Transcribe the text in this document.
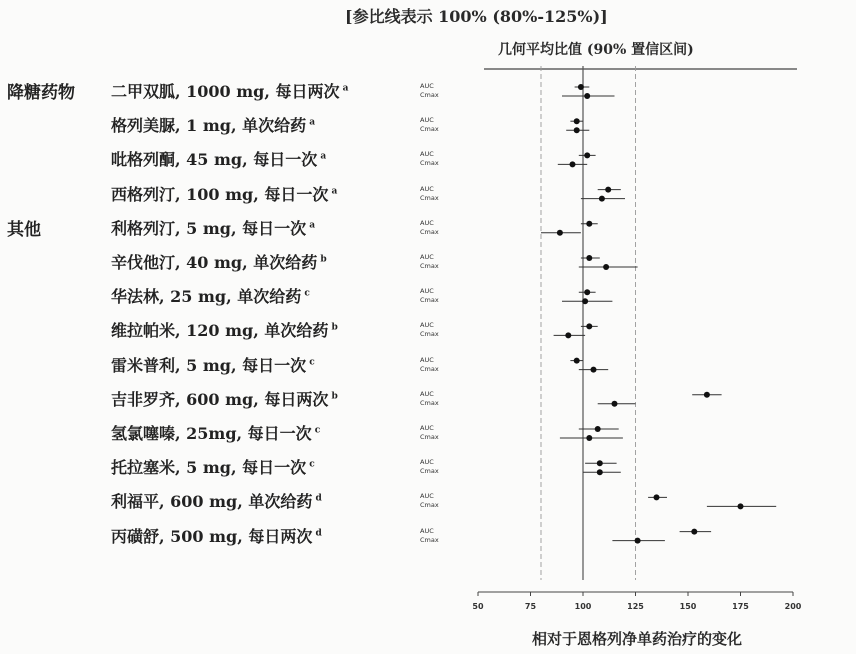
[参比线表示 100% (80%-125%)]
几何平均比值 (90% 置信区间)
二甲双胍, 1000 mg, 每日两次 $^a$	AUC
Cmax
格列美脲, 1 mg, 单次给药 $^a$	AUC
Cmax
吡格列酮, 45 mg, 每日一次 $^a$	AUC
Cmax
西格列汀, 100 mg, 每日一次 $^a$	AUC
Cmax
利格列汀, 5 mg, 每日一次 $^a$	AUC
Cmax
辛伐他汀, 40 mg, 单次给药 $^b$	AUC
Cmax
华法林, 25 mg, 单次给药 $^c$	AUC
Cmax
维拉帕米, 120 mg, 单次给药 $^b$	AUC
Cmax
雷米普利, 5 mg, 每日一次 $^c$	AUC
Cmax
吉非罗齐, 600 mg, 每日两次 $^b$	AUC
Cmax
氢氯噻嗪, 25mg, 每日一次 $^c$	AUC
Cmax
托拉塞米, 5 mg, 每日一次 $^c$	AUC
Cmax
利福平, 600 mg, 单次给药 $^d$	AUC
Cmax
丙磺舒, 500 mg, 每日两次 $^d$	AUC
Cmax
降糖药物
其他
50	75	100	125	150	175	200
相对于恩格列净单药治疗的变化
